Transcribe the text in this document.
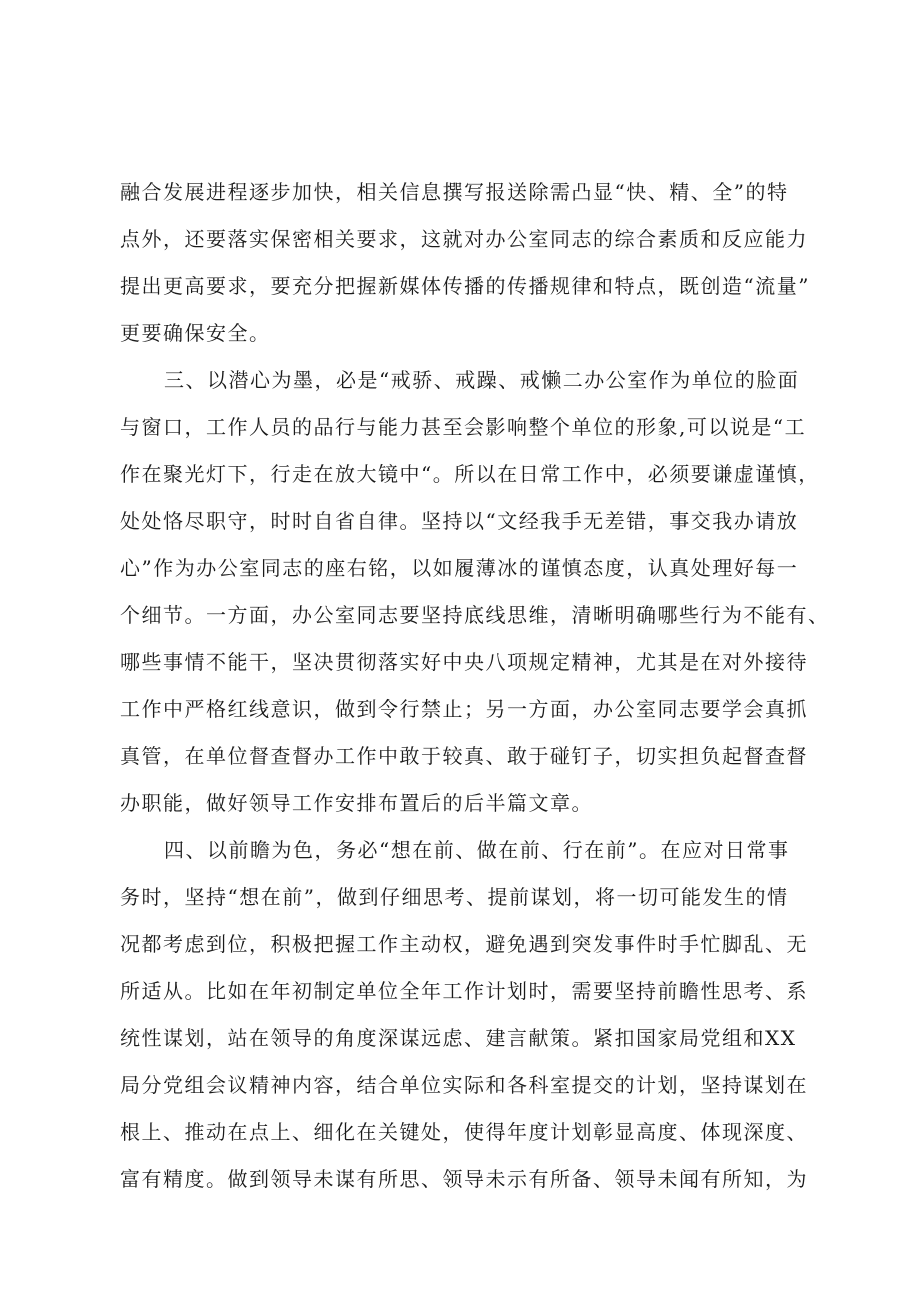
融合发展进程逐步加快，相关信息撰写报送除需凸显“快、精、全”的特
点外，还要落实保密相关要求，这就对办公室同志的综合素质和反应能力
提出更高要求，要充分把握新媒体传播的传播规律和特点，既创造“流量”
更要确保安全。
三、以潜心为墨，必是“戒骄、戒躁、戒懒二办公室作为单位的脸面
与窗口，工作人员的品行与能力甚至会影响整个单位的形象,可以说是“工
作在聚光灯下，行走在放大镜中“。所以在日常工作中，必须要谦虚谨慎，
处处恪尽职守，时时自省自律。坚持以“文经我手无差错，事交我办请放
心”作为办公室同志的座右铭，以如履薄冰的谨慎态度，认真处理好每一
个细节。一方面，办公室同志要坚持底线思维，清晰明确哪些行为不能有、
哪些事情不能干，坚决贯彻落实好中央八项规定精神，尤其是在对外接待
工作中严格红线意识，做到令行禁止；另一方面，办公室同志要学会真抓
真管，在单位督查督办工作中敢于较真、敢于碰钉子，切实担负起督查督
办职能，做好领导工作安排布置后的后半篇文章。
四、以前瞻为色，务必“想在前、做在前、行在前”。在应对日常事
务时，坚持“想在前”，做到仔细思考、提前谋划，将一切可能发生的情
况都考虑到位，积极把握工作主动权，避免遇到突发事件时手忙脚乱、无
所适从。比如在年初制定单位全年工作计划时，需要坚持前瞻性思考、系
统性谋划，站在领导的角度深谋远虑、建言献策。紧扣国家局党组和XX
局分党组会议精神内容，结合单位实际和各科室提交的计划，坚持谋划在
根上、推动在点上、细化在关键处，使得年度计划彰显高度、体现深度、
富有精度。做到领导未谋有所思、领导未示有所备、领导未闻有所知，为
